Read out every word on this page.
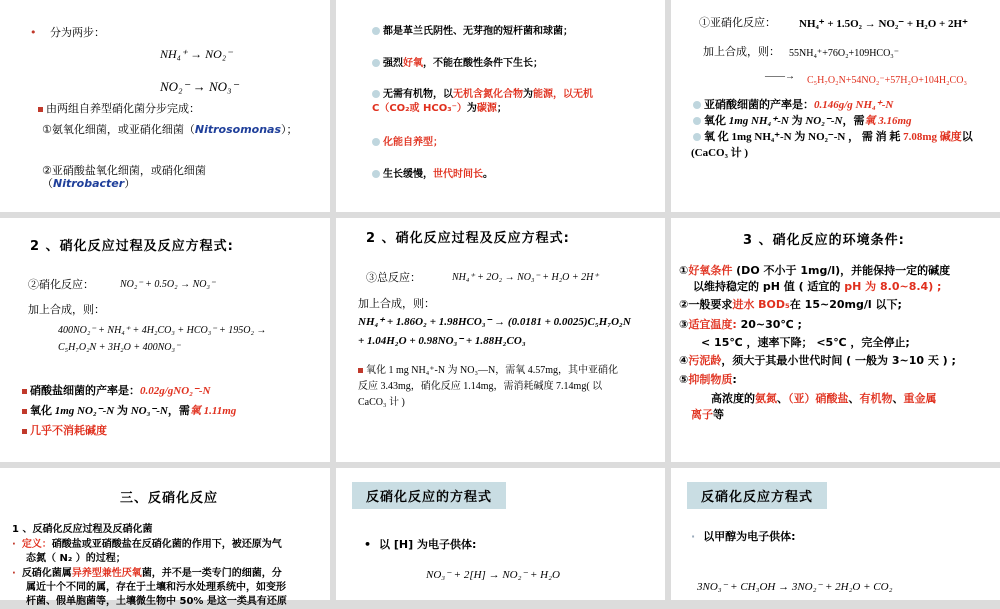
• 分为两步：
NH₄⁺ → NO₂⁻
NO₂⁻ → NO₃⁻
由两组自养型硝化菌分步完成：
①氨氧化细菌，或亚硝化细菌（Nitrosomonas）；
②亚硝酸盐氧化细菌，或硝化细菌
（Nitrobacter）
都是革兰氏阴性、无芽孢的短杆菌和球菌；
强烈好氧，不能在酸性条件下生长；
无需有机物，以无机含氮化合物为能源，以无机
C（CO₂或 HCO₃⁻）为碳源；
化能自养型；
生长缓慢，世代时间长。
①亚硝化反应： NH₄⁺ + 1.5O₂ → NO₂⁻ + H₂O + 2H⁺
加上合成，则： 55NH₄⁺+76O₂+109HCO₃⁻
——→ C₅H₇O₂N+54NO₂⁻+57H₂O+104H₂CO₃
亚硝酸细菌的产率是：0.146g/g NH₄⁺-N
氧化 1mg NH₄⁺-N 为 NO₂⁻-N，需氧 3.16mg
氧 化 1mg NH₄⁺-N 为 NO₂⁻-N ， 需 消 耗 7.08mg 碱度以
(CaCO₃ 计 )
2 、硝化反应过程及反应方程式:
②硝化反应：	NO₂⁻ + 0.5O₂ → NO₃⁻
加上合成，则：
400NO₂⁻ + NH₄⁺ + 4H₂CO₃ + HCO₃⁻ + 195O₂ →
C₅H₇O₂N + 3H₂O + 400NO₃⁻
硝酸盐细菌的产率是：0.02g/gNO₂⁻-N
氧化 1mg NO₂⁻-N 为 NO₃⁻-N，需氧 1.11mg
几乎不消耗碱度
2 、硝化反应过程及反应方程式:
③总反应：	NH₄⁺ + 2O₂ → NO₃⁻ + H₂O + 2H⁺
加上合成，则：
NH₄⁺ + 1.86O₂ + 1.98HCO₃⁻ → (0.0181 + 0.0025)C₅H₇O₂N
+ 1.04H₂O + 0.98NO₃⁻ + 1.88H₂CO₃
氧化 1 mg NH₄⁺-N 为 NO₃—N，需氧 4.57mg，其中亚硝化
反应 3.43mg，硝化反应 1.14mg，需消耗碱度 7.14mg( 以
CaCO₃ 计 )
3 、硝化反应的环境条件:
①好氧条件 (DO 不小于 1mg/l)，并能保持一定的碱度
以维持稳定的 pH 值 ( 适宜的 pH 为 8.0~8.4) ;
②一般要求进水 BOD₅在 15~20mg/l 以下;
③适宜温度: 20~30℃ ;
< 15℃ ，速率下降； <5℃ ，完全停止;
④污泥龄，须大于其最小世代时间 ( 一般为 3~10 天 ) ;
⑤抑制物质:
高浓度的氨氮、（亚）硝酸盐、有机物、重金属
离子等
三、反硝化反应
1 、反硝化反应过程及反硝化菌
· 定义：硝酸盐或亚硝酸盐在反硝化菌的作用下，被还原为气
态氮（ N₂ ）的过程；
· 反硝化菌属异养型兼性厌氧菌，并不是一类专门的细菌，分
属近十个不同的属，存在于土壤和污水处理系统中，如变形
杆菌、假单胞菌等，土壤微生物中 50% 是这一类具有还原
反硝化反应的方程式
• 以 [H] 为电子供体:
NO₃⁻ + 2[H] → NO₂⁻ + H₂O
反硝化反应方程式
· 以甲醇为电子供体:
3NO₃⁻ + CH₃OH → 3NO₂⁻ + 2H₂O + CO₂
